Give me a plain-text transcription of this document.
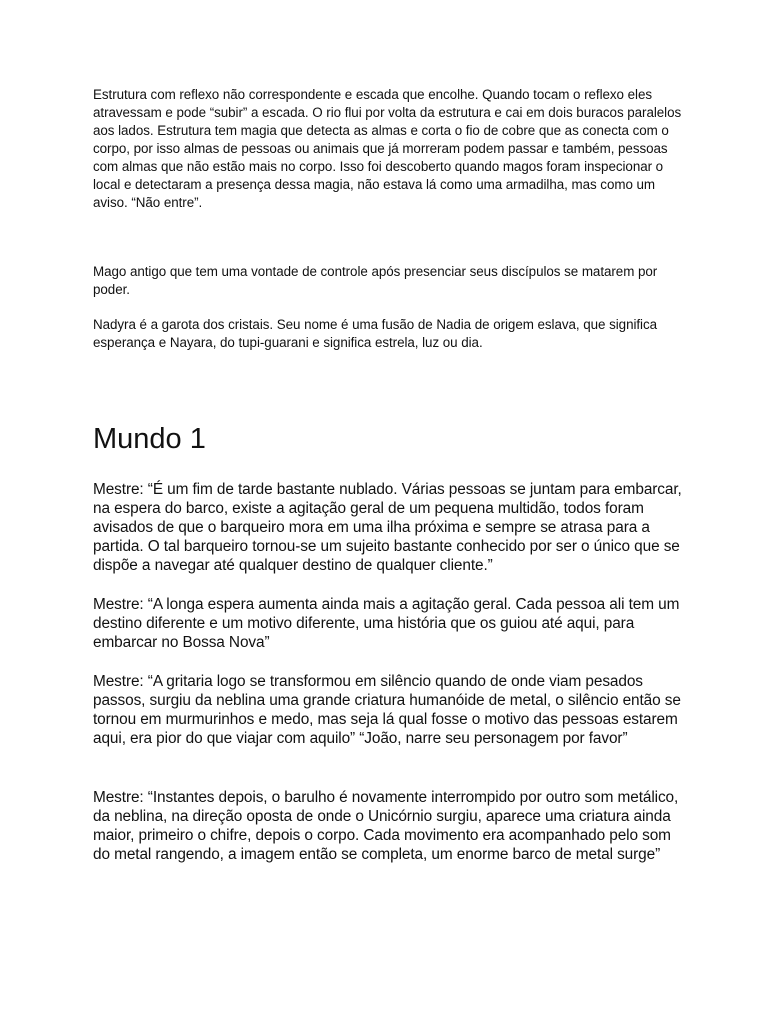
Estrutura com reflexo não correspondente e escada que encolhe. Quando tocam o reflexo eles atravessam e pode “subir” a escada. O rio flui por volta da estrutura e cai em dois buracos paralelos aos lados. Estrutura tem magia que detecta as almas e corta o fio de cobre que as conecta com o corpo, por isso almas de pessoas ou animais que já morreram podem passar e também, pessoas com almas que não estão mais no corpo. Isso foi descoberto quando magos foram inspecionar o local e detectaram a presença dessa magia, não estava lá como uma armadilha, mas como um aviso. “Não entre”.

Mago antigo que tem uma vontade de controle após presenciar seus discípulos se matarem por poder.

Nadyra é a garota dos cristais. Seu nome é uma fusão de Nadia de origem eslava, que significa esperança e Nayara, do tupi-guarani e significa estrela, luz ou dia.

Mundo 1

Mestre: “É um fim de tarde bastante nublado. Várias pessoas se juntam para embarcar, na espera do barco, existe a agitação geral de um pequena multidão, todos foram avisados de que o barqueiro mora em uma ilha próxima e sempre se atrasa para a partida. O tal barqueiro tornou-se um sujeito bastante conhecido por ser o único que se dispõe a navegar até qualquer destino de qualquer cliente.”

Mestre: “A longa espera aumenta ainda mais a agitação geral. Cada pessoa ali tem um destino diferente e um motivo diferente, uma história que os guiou até aqui, para embarcar no Bossa Nova”

Mestre: “A gritaria logo se transformou em silêncio quando de onde viam pesados passos, surgiu da neblina uma grande criatura humanóide de metal, o silêncio então se tornou em murmurinhos e medo, mas seja lá qual fosse o motivo das pessoas estarem aqui, era pior do que viajar com aquilo” “João, narre seu personagem por favor”

Mestre: “Instantes depois, o barulho é novamente interrompido por outro som metálico, da neblina, na direção oposta de onde o Unicórnio surgiu, aparece uma criatura ainda maior, primeiro o chifre, depois o corpo. Cada movimento era acompanhado pelo som do metal rangendo, a imagem então se completa, um enorme barco de metal surge”
